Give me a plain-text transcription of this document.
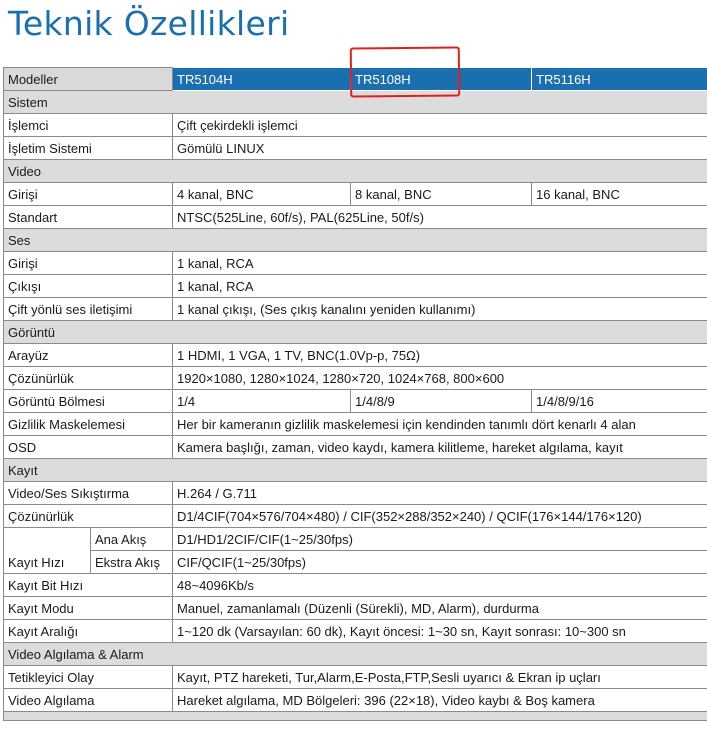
Teknik Özellikleri
Modeller		TR5104H	TR5108H	TR5116H
Sistem				
İşlemci		Çift çekirdekli işlemci		
İşletim Sistemi		Gömülü LINUX		
Video				
Girişi		4 kanal, BNC	8 kanal, BNC	16 kanal, BNC
Standart		NTSC(525Line, 60f/s), PAL(625Line, 50f/s)		
Ses				
Girişi		1 kanal, RCA		
Çıkışı		1 kanal, RCA		
Çift yönlü ses iletişimi		1 kanal çıkışı, (Ses çıkış kanalını yeniden kullanımı)		
Görüntü				
Arayüz		1 HDMI, 1 VGA, 1 TV, BNC(1.0Vp-p, 75Ω)		
Çözünürlük		1920×1080, 1280×1024, 1280×720, 1024×768, 800×600		
Görüntü Bölmesi		1/4	1/4/8/9	1/4/8/9/16
Gizlilik Maskelemesi		Her bir kameranın gizlilik maskelemesi için kendinden tanımlı dört kenarlı 4 alan		
OSD		Kamera başlığı, zaman, video kaydı, kamera kilitleme, hareket algılama, kayıt		
Kayıt				
Video/Ses Sıkıştırma		H.264 / G.711		
Çözünürlük		D1/4CIF(704×576/704×480) / CIF(352×288/352×240) / QCIF(176×144/176×120)		
Kayıt Hızı	Ana Akış	D1/HD1/2CIF/CIF(1~25/30fps)		
	Ekstra Akış	CIF/QCIF(1~25/30fps)		
Kayıt Bit Hızı		48~4096Kb/s		
Kayıt Modu		Manuel, zamanlamalı (Düzenli (Sürekli), MD, Alarm), durdurma		
Kayıt Aralığı		1~120 dk (Varsayılan: 60 dk), Kayıt öncesi: 1~30 sn, Kayıt sonrası: 10~300 sn		
Video Algılama & Alarm				
Tetikleyici Olay		Kayıt, PTZ hareketi, Tur,Alarm,E-Posta,FTP,Sesli uyarıcı & Ekran ip uçları		
Video Algılama		Hareket algılama, MD Bölgeleri: 396 (22×18), Video kaybı & Boş kamera		
